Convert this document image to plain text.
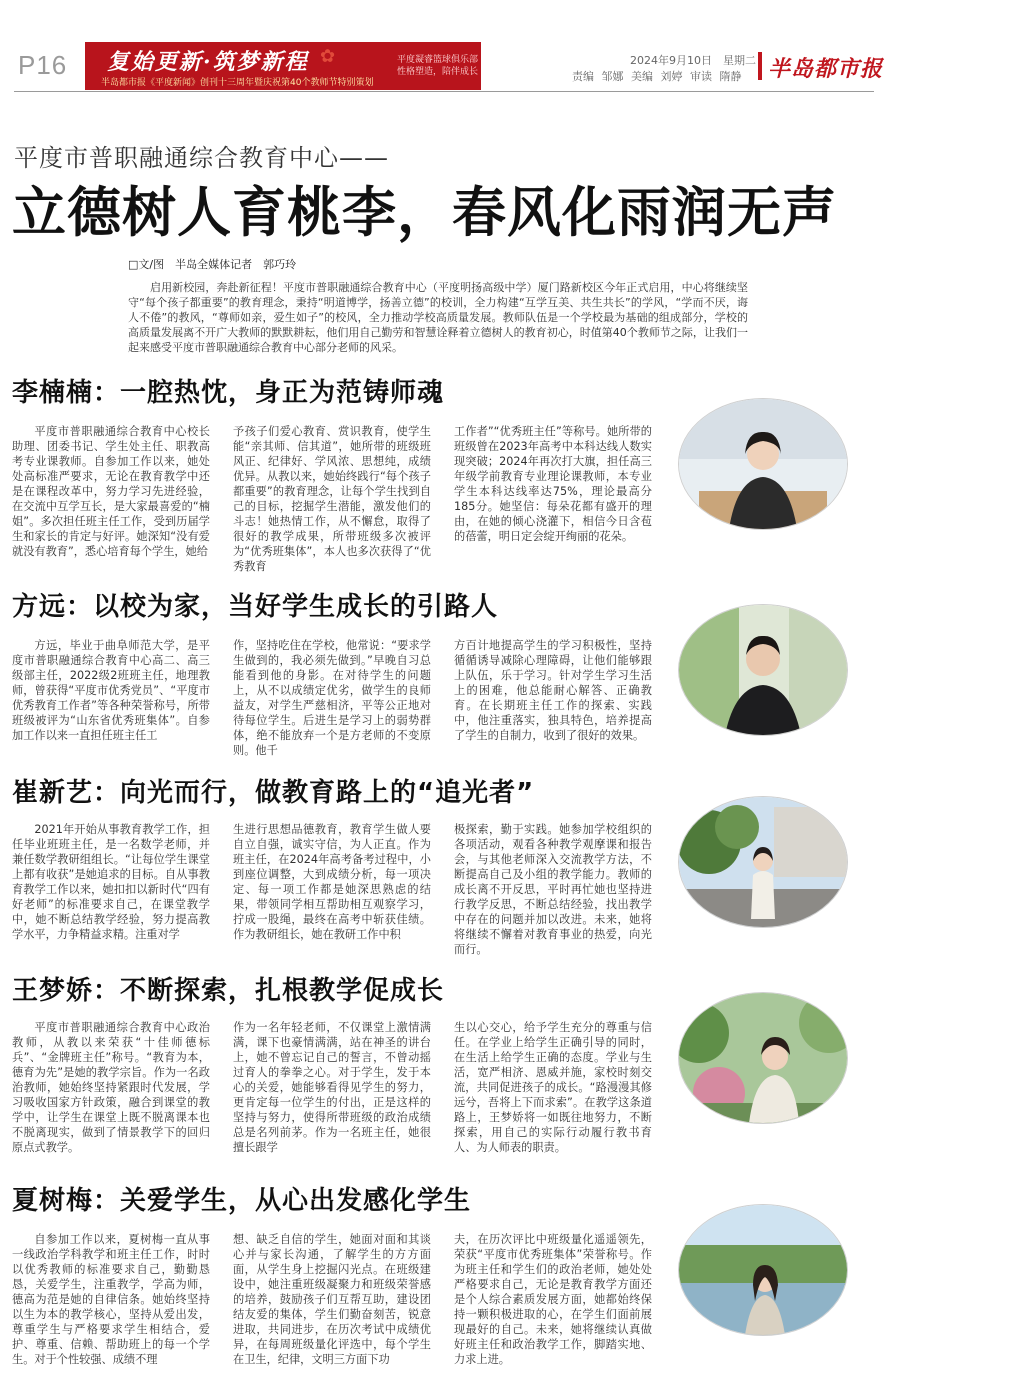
P16	✿
复始更新·筑梦新程
半岛都市报《平度新闻》创刊十三周年暨庆祝第40个教师节特别策划
平度凝睿篮球俱乐部
性格塑造，陪伴成长
2024年9月10日　星期二
责编 邹娜 美编 刘婷 审读 隋静 半岛都市报
平度市普职融通综合教育中心——
立德树人育桃李，春风化雨润无声
□文/图　半岛全媒体记者　郭巧玲
启用新校园，奔赴新征程！平度市普职融通综合教育中心（平度明扬高级中学）厦门路新校区今年正式启用，中心将继续坚守“每个孩子都重要”的教育理念，秉持“明道博学，扬善立德”的校训，全力构建“互学互美、共生共长”的学风，“学而不厌，诲人不倦”的教风，“尊师如亲，爱生如子”的校风，全力推动学校高质量发展。教师队伍是一个学校最为基础的组成部分，学校的高质量发展离不开广大教师的默默耕耘，他们用自己勤劳和智慧诠释着立德树人的教育初心，时值第40个教师节之际，让我们一起来感受平度市普职融通综合教育中心部分老师的风采。
李楠楠：一腔热忱，身正为范铸师魂

平度市普职融通综合教育中心校长助理、团委书记、学生处主任、职教高考专业课教师。自参加工作以来，她处处高标准严要求，无论在教育教学中还是在课程改革中，努力学习先进经验，在交流中互学互长，是大家最喜爱的“楠姐”。多次担任班主任工作，受到历届学生和家长的肯定与好评。她深知“没有爱就没有教育”，悉心培育每个学生，她给

予孩子们爱心教育、赏识教育，使学生能“亲其师、信其道”，她所带的班级班风正、纪律好、学风浓、思想纯，成绩优异。从教以来，她始终践行“每个孩子都重要”的教育理念，让每个学生找到自己的目标，挖掘学生潜能，激发他们的斗志！她热情工作，从不懈怠，取得了很好的教学成果，所带班级多次被评为“优秀班集体”，本人也多次获得了“优秀教育

工作者”“优秀班主任”等称号。她所带的班级曾在2023年高考中本科达线人数实现突破；2024年再次打大旗，担任高三年级学前教育专业理论课教师，本专业学生本科达线率达75%，理论最高分185分。她坚信：每朵花都有盛开的理由，在她的倾心浇灌下，相信今日含苞的蓓蕾，明日定会绽开绚丽的花朵。

方远：以校为家，当好学生成长的引路人

方远，毕业于曲阜师范大学，是平度市普职融通综合教育中心高二、高三级部主任，2022级2班班主任，地理教师，曾获得“平度市优秀党员”、“平度市优秀教育工作者”等各种荣誉称号，所带班级被评为“山东省优秀班集体”。自参加工作以来一直担任班主任工

作，坚持吃住在学校，他常说：“要求学生做到的，我必须先做到。”早晚自习总能看到他的身影。在对待学生的问题上，从不以成绩定优劣，做学生的良师益友，对学生严慈相济，平等公正地对待每位学生。后进生是学习上的弱势群体，绝不能放弃一个是方老师的不变原则。他千

方百计地提高学生的学习积极性，坚持循循诱导减除心理障碍，让他们能够跟上队伍，乐于学习。针对学生学习生活上的困难，他总能耐心解答、正确教育。在长期班主任工作的探索、实践中，他注重落实，独具特色，培养提高了学生的自制力，收到了很好的效果。

崔新艺：向光而行，做教育路上的“追光者”

2021年开始从事教育教学工作，担任毕业班班主任，是一名数学老师，并兼任数学教研组组长。“让每位学生课堂上都有收获”是她追求的目标。自从事教育教学工作以来，她扣扣以新时代“四有好老师”的标准要求自己，在课堂教学中，她不断总结教学经验，努力提高教学水平，力争精益求精。注重对学

生进行思想品德教育，教育学生做人要自立自强，诚实守信，为人正直。作为班主任，在2024年高考备考过程中，小到座位调整，大到成绩分析，每一项决定、每一项工作都是她深思熟虑的结果，带领同学相互帮助相互观察学习，拧成一股绳，最终在高考中斩获佳绩。作为教研组长，她在教研工作中积

极探索，勤于实践。她参加学校组织的各项活动，观看各种教学观摩课和报告会，与其他老师深入交流教学方法，不断提高自己及小组的教学能力。教师的成长离不开反思，平时再忙她也坚持进行教学反思，不断总结经验，找出教学中存在的问题并加以改进。未来，她将将继续不懈着对教育事业的热爱，向光而行。

王梦娇：不断探索，扎根教学促成长

平度市普职融通综合教育中心政治教师，从教以来荣获“十佳师德标兵”、“金牌班主任”称号。“教育为本，德育为先”是她的教学宗旨。作为一名政治教师，她始终坚持紧跟时代发展，学习吸收国家方针政策，融合到课堂的教学中，让学生在课堂上既不脱离课本也不脱离现实，做到了情景教学下的回归原点式教学。

作为一名年轻老师，不仅课堂上激情满满，课下也豪情满满，站在神圣的讲台上，她不曾忘记自己的誓言，不曾动摇过育人的拳拳之心。对于学生，发于本心的关爱，她能够看得见学生的努力，更肯定每一位学生的付出，正是这样的坚持与努力，使得所带班级的政治成绩总是名列前茅。作为一名班主任，她很擅长跟学

生以心交心，给予学生充分的尊重与信任。在学业上给学生正确引导的同时，在生活上给学生正确的态度。学业与生活，宽严相济、恩威并施，家校时刻交流，共同促进孩子的成长。“路漫漫其修远兮，吾将上下而求索”。在教学这条道路上，王梦娇将一如既往地努力，不断探索，用自己的实际行动履行教书育人、为人师表的职责。

夏树梅：关爱学生，从心出发感化学生

自参加工作以来，夏树梅一直从事一线政治学科教学和班主任工作，时时以优秀教师的标准要求自己，勤勤恳恳，关爱学生，注重教学，学高为师，德高为范是她的自律信条。她始终坚持以生为本的教学核心，坚持从爱出发，尊重学生与严格要求学生相结合，爱护、尊重、信赖、帮助班上的每一个学生。对于个性较强、成绩不理

想、缺乏自信的学生，她面对面和其谈心并与家长沟通，了解学生的方方面面，从学生身上挖掘闪光点。在班级建设中，她注重班级凝聚力和班级荣誉感的培养，鼓励孩子们互帮互助，建设团结友爱的集体，学生们勤奋刻苦，锐意进取，共同进步，在历次考试中成绩优异，在每周班级量化评选中，每个学生在卫生，纪律，文明三方面下功

夫，在历次评比中班级量化遥遥领先，荣获“平度市优秀班集体”荣誉称号。作为班主任和学生们的政治老师，她处处严格要求自己，无论是教育教学方面还是个人综合素质发展方面，她都始终保持一颗积极进取的心，在学生们面前展现最好的自己。未来，她将继续认真做好班主任和政治教学工作，脚踏实地、力求上进。
